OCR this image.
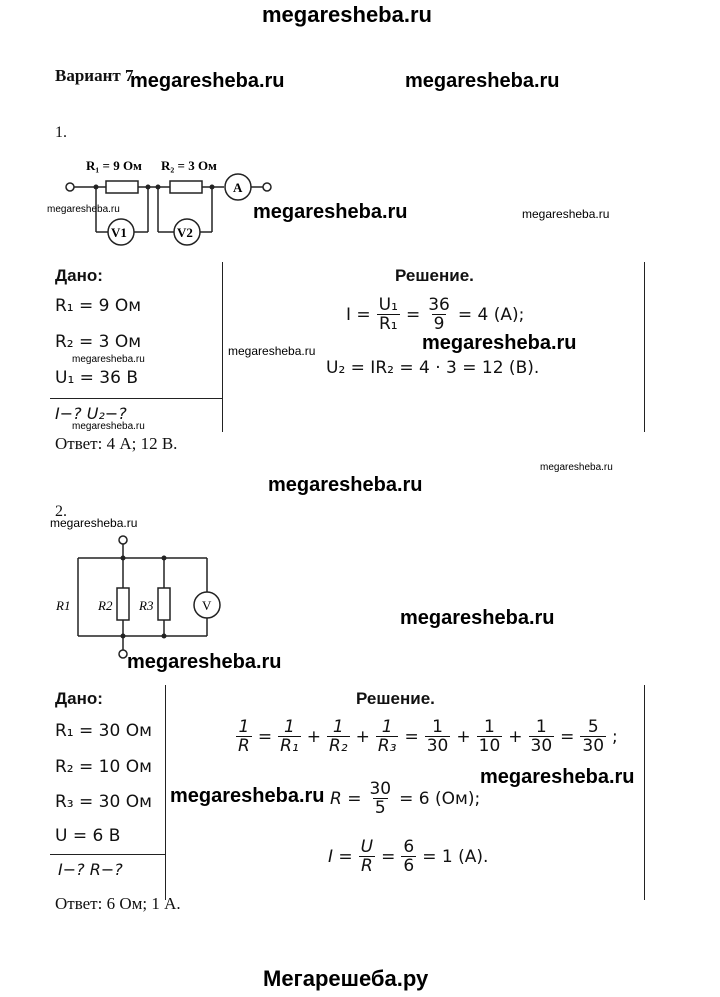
megaresheba.ru
Вариант 7
megaresheba.ru	megaresheba.ru
1.
R₁ = 9 Ом R₂ = 3 Ом
A
V1	V2
megaresheba.ru	megaresheba.ru	megaresheba.ru
Дано:
R₁ = 9 Ом
R₂ = 3 Ом
megaresheba.ru
U₁ = 36 В
I−? U₂−?
megaresheba.ru
Ответ: 4 А; 12 В.
Решение.
$I = \frac{\text{U₁}}{\text{R₁}} = \frac{36}{9} = 4$ (А);
megaresheba.ru	megaresheba.ru
U₂ = IR₂ = 4 · 3 = 12 (В).
megaresheba.ru
megaresheba.ru
2.
megaresheba.ru
R1 R2 R3	V
megaresheba.ru
megaresheba.ru
Дано:
R₁ = 30 Ом
R₂ = 10 Ом
R₃ = 30 Ом
U = 6 В
I−? R−?
Ответ: 6 Ом; 1 А.
Решение.
$\frac{1}{R} = \frac{1}{\text{R₁}} + \frac{1}{\text{R₂}} + \frac{1}{\text{R₃}} = \frac{1}{30} + \frac{1}{10} + \frac{1}{30} = \frac{5}{30}$ ;
megaresheba.ru
megaresheba.ru $R = \frac{30}{5} = 6$ (Ом);
$I = \frac{U}{R} = \frac{6}{6} = 1$ (А).
Мегарешеба.ру
